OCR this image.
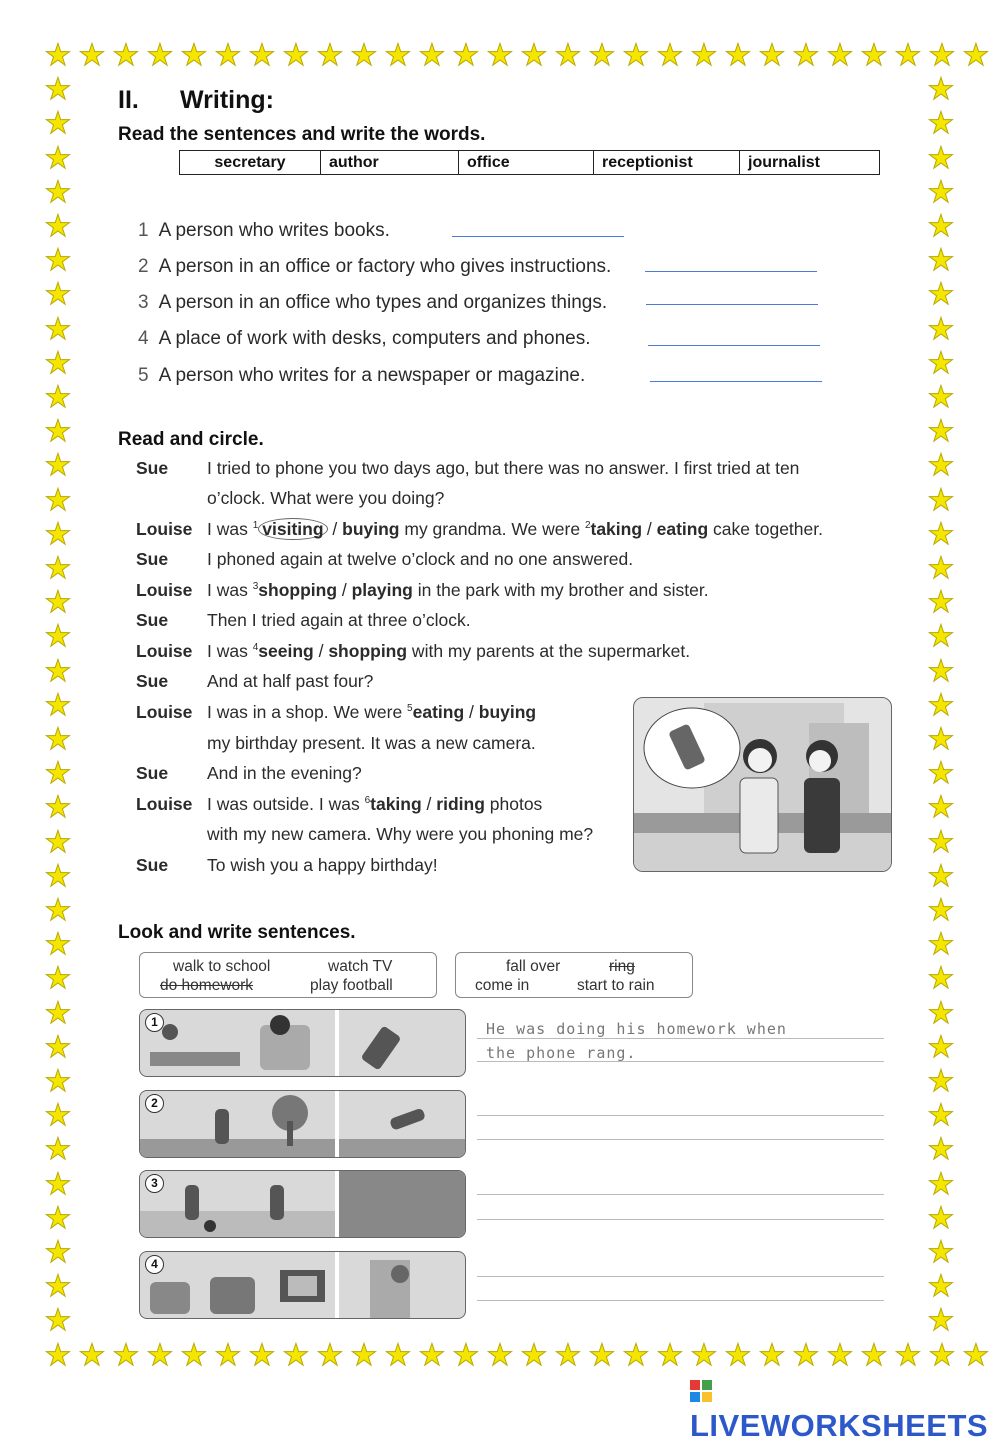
★
★
★
★
★
★
★
★
★
★
★
★
★
★
★
★
★
★
★
★
★
★
★
★
★
★
★
★
★
★
★
★
★
★
★
★
★
★
★
★
★
★
★
★
★
★
★
★
★
★
★
★
★
★
★
★
★	★
★	★
★	★
★	★
★	★
★	★
★	★
★	★
★	★
★	★
★	★
★	★
★	★
★	★
★	★
★	★
★	★
★	★
★	★
★	★
★	★
★	★
★	★
★	★
★	★
★	★
★	★
★	★
★	★
★	★
★	★
★	★
★	★
★	★
★	★
★	★
★	★
II. Writing:
Read the sentences and write the words.
secretary	author	office	receptionist	journalist
1 A person who writes books.
2 A person in an office or factory who gives instructions.
3 A person in an office who types and organizes things.
4 A place of work with desks, computers and phones.
5 A person who writes for a newspaper or magazine.
Read and circle.
Sue I tried to phone you two days ago, but there was no answer. I first tried at ten
o’clock. What were you doing?
Louise I was $^1$ visiting / buying my grandma. We were $^2$taking / eating cake together.
Sue I phoned again at twelve o’clock and no one answered.
Louise I was $^3$shopping / playing in the park with my brother and sister.
Sue Then I tried again at three o’clock.
Louise I was $^4$seeing / shopping with my parents at the supermarket.
Sue And at half past four?
Louise I was in a shop. We were $^5$eating / buying
my birthday present. It was a new camera.
Sue And in the evening?
Louise I was outside. I was $^6$taking / riding photos
with my new camera. Why were you phoning me?
Sue To wish you a happy birthday!
Look and write sentences.
walk to school	watch TV
do homework	play football
fall over	ring
come in	start to rain
1
2
3
4
He was doing his homework when
the phone rang.
LIVEWORKSHEETS
